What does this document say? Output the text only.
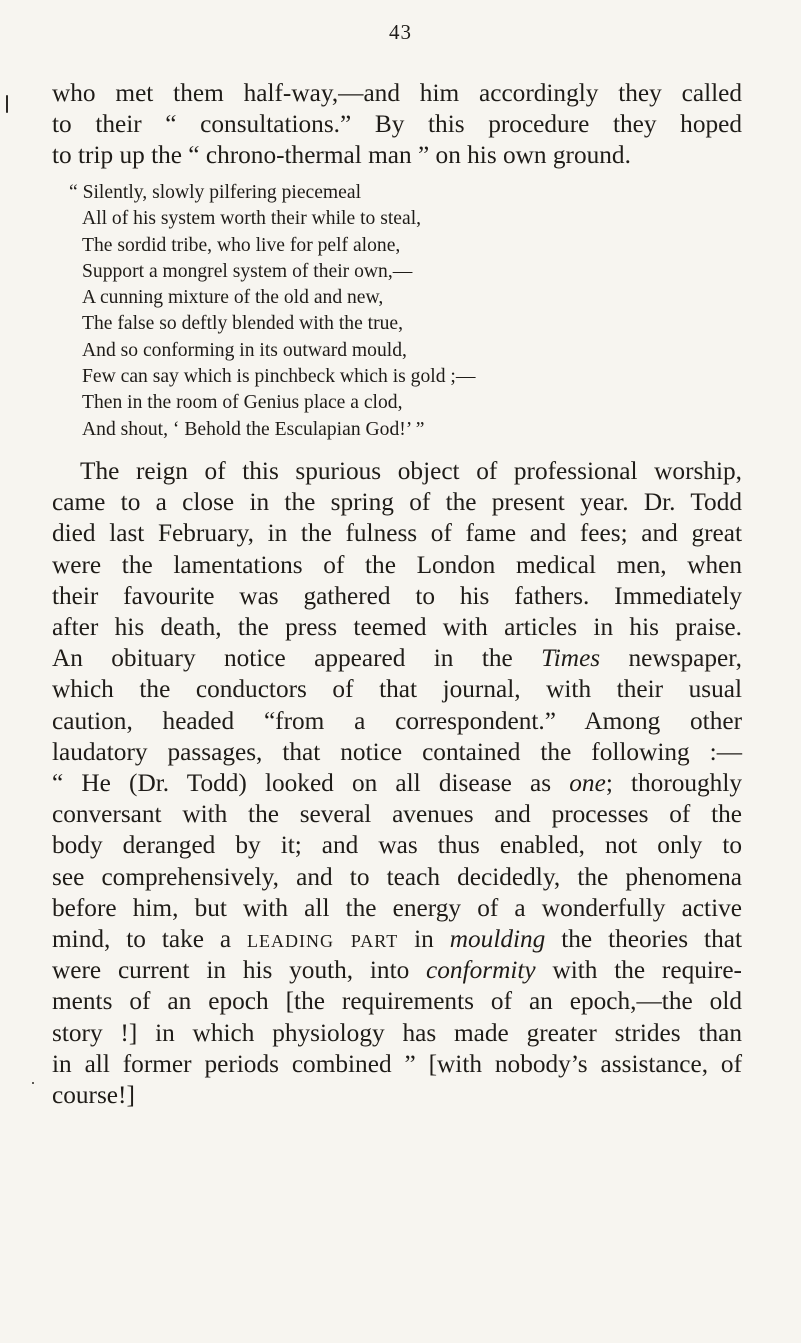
43
who met them half-way,—and him accordingly they called
to their “ consultations.” By this procedure they hoped
to trip up the “ chrono-thermal man ” on his own ground.
“ Silently, slowly pilfering piecemeal
All of his system worth their while to steal,
The sordid tribe, who live for pelf alone,
Support a mongrel system of their own,—
A cunning mixture of the old and new,
The false so deftly blended with the true,
And so conforming in its outward mould,
Few can say which is pinchbeck which is gold ;—
Then in the room of Genius place a clod,
And shout, ‘ Behold the Esculapian God!’ ”
The reign of this spurious object of professional worship,
came to a close in the spring of the present year. Dr. Todd
died last February, in the fulness of fame and fees; and great
were the lamentations of the London medical men, when
their favourite was gathered to his fathers. Immediately
after his death, the press teemed with articles in his praise.
An obituary notice appeared in the Times newspaper,
which the conductors of that journal, with their usual
caution, headed “from a correspondent.” Among other
laudatory passages, that notice contained the following :—
“ He (Dr. Todd) looked on all disease as one; thoroughly
conversant with the several avenues and processes of the
body deranged by it; and was thus enabled, not only to
see comprehensively, and to teach decidedly, the phenomena
before him, but with all the energy of a wonderfully active
mind, to take a leading part in moulding the theories that
were current in his youth, into conformity with the require-
ments of an epoch [the requirements of an epoch,—the old
story !] in which physiology has made greater strides than
in all former periods combined ” [with nobody’s assistance, of
course!]
